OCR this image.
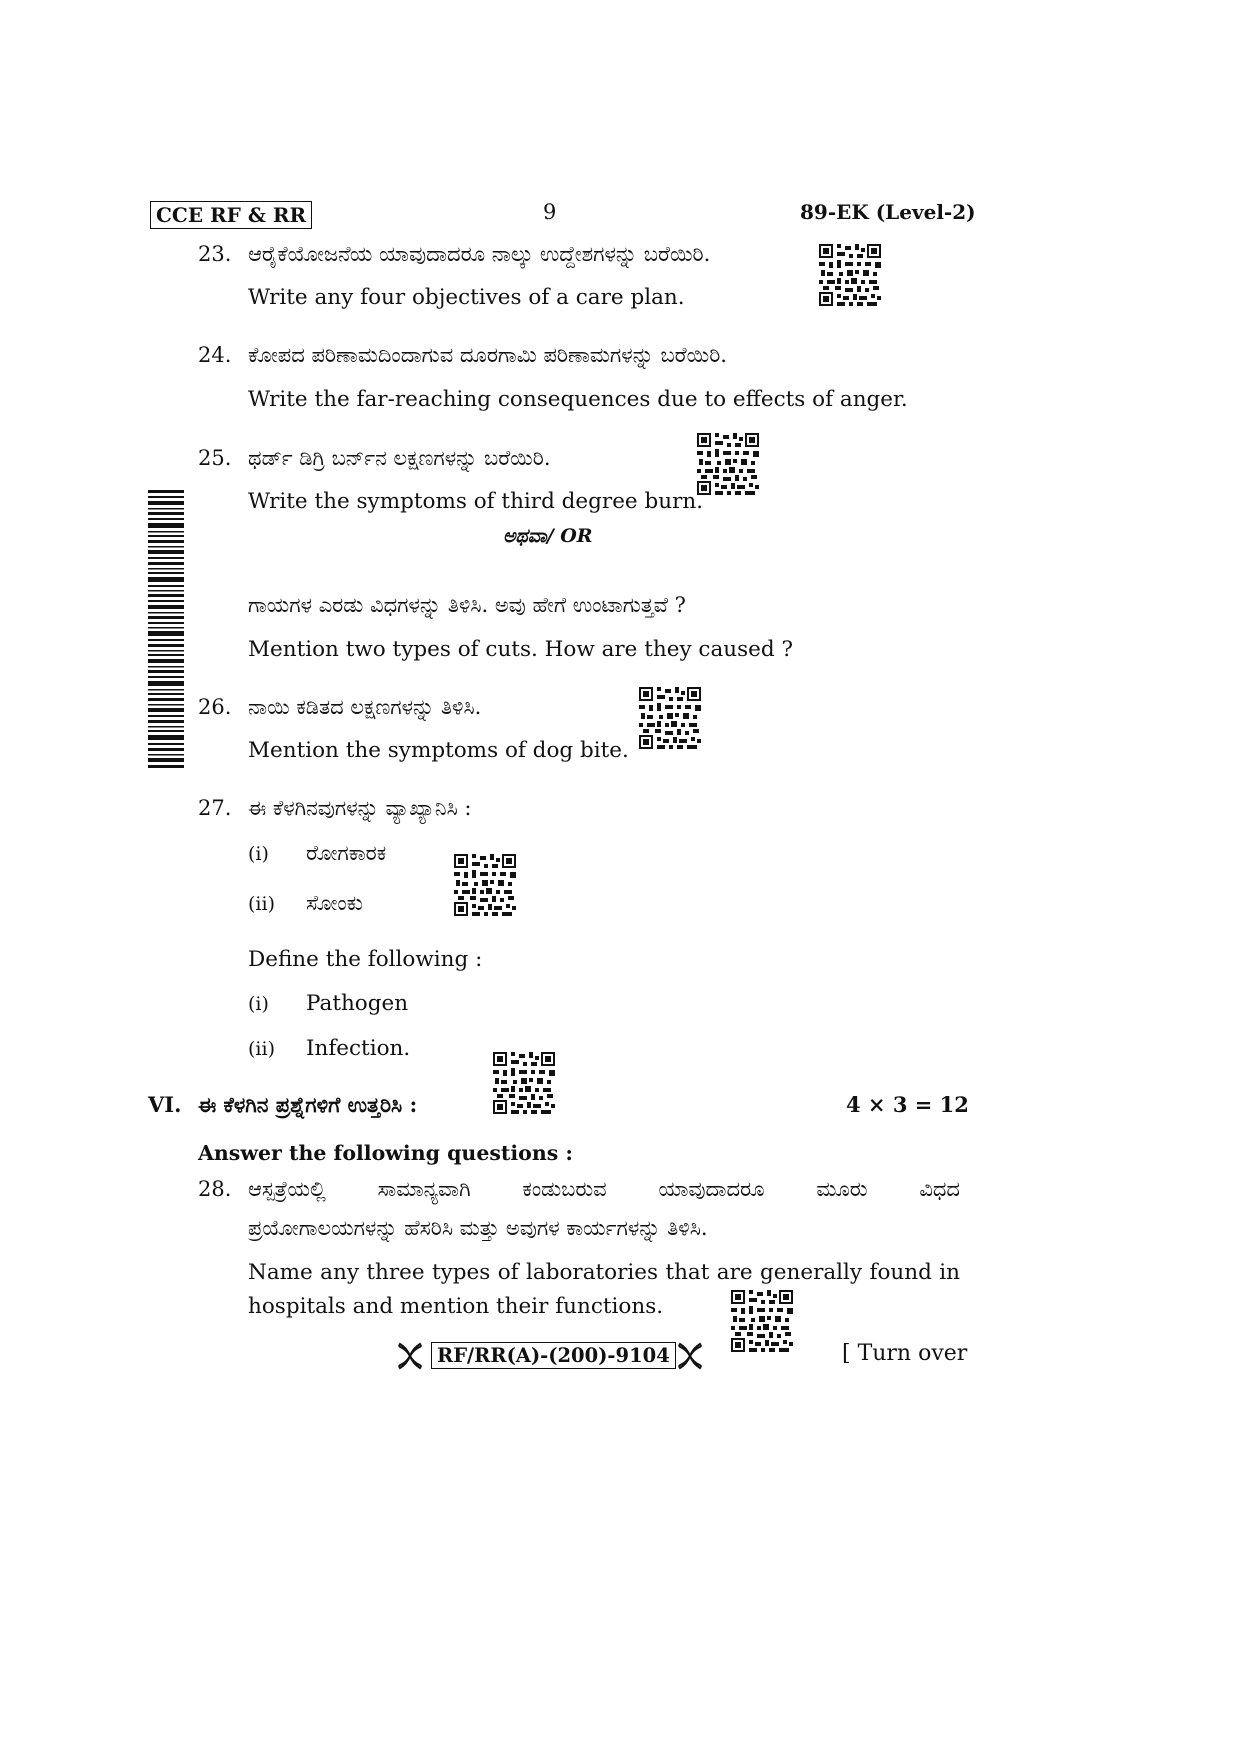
CCE RF & RR	9	89-EK (Level-2)
23. ಆರೈಕೆಯೋಜನೆಯ ಯಾವುದಾದರೂ ನಾಲ್ಕು ಉದ್ದೇಶಗಳನ್ನು ಬರೆಯಿರಿ.
Write any four objectives of a care plan.
24. ಕೋಪದ ಪರಿಣಾಮದಿಂದಾಗುವ ದೂರಗಾಮಿ ಪರಿಣಾಮಗಳನ್ನು ಬರೆಯಿರಿ.
Write the far-reaching consequences due to effects of anger.
25. ಥರ್ಡ್ ಡಿಗ್ರಿ ಬರ್ನ್‌ನ ಲಕ್ಷಣಗಳನ್ನು ಬರೆಯಿರಿ.
Write the symptoms of third degree burn.
ಅಥವಾ/ OR
ಗಾಯಗಳ ಎರಡು ವಿಧಗಳನ್ನು ತಿಳಿಸಿ. ಅವು ಹೇಗೆ ಉಂಟಾಗುತ್ತವೆ ?
Mention two types of cuts. How are they caused ?
26. ನಾಯಿ ಕಡಿತದ ಲಕ್ಷಣಗಳನ್ನು ತಿಳಿಸಿ.
Mention the symptoms of dog bite.
27. ಈ ಕೆಳಗಿನವುಗಳನ್ನು ವ್ಯಾಖ್ಯಾನಿಸಿ :
(i) ರೋಗಕಾರಕ
(ii) ಸೋಂಕು
Define the following :
(i) Pathogen
(ii) Infection.
VI. ಈ ಕೆಳಗಿನ ಪ್ರಶ್ನೆಗಳಿಗೆ ಉತ್ತರಿಸಿ :	4 × 3 = 12
Answer the following questions :
28. ಆಸ್ಪತ್ರೆಯಲ್ಲಿ ಸಾಮಾನ್ಯವಾಗಿ ಕಂಡುಬರುವ ಯಾವುದಾದರೂ ಮೂರು ವಿಧದ
ಪ್ರಯೋಗಾಲಯಗಳನ್ನು ಹೆಸರಿಸಿ ಮತ್ತು ಅವುಗಳ ಕಾರ್ಯಗಳನ್ನು ತಿಳಿಸಿ.
Name any three types of laboratories that are generally found in
hospitals and mention their functions.
RF/RR(A)-(200)-9104	[ Turn over
